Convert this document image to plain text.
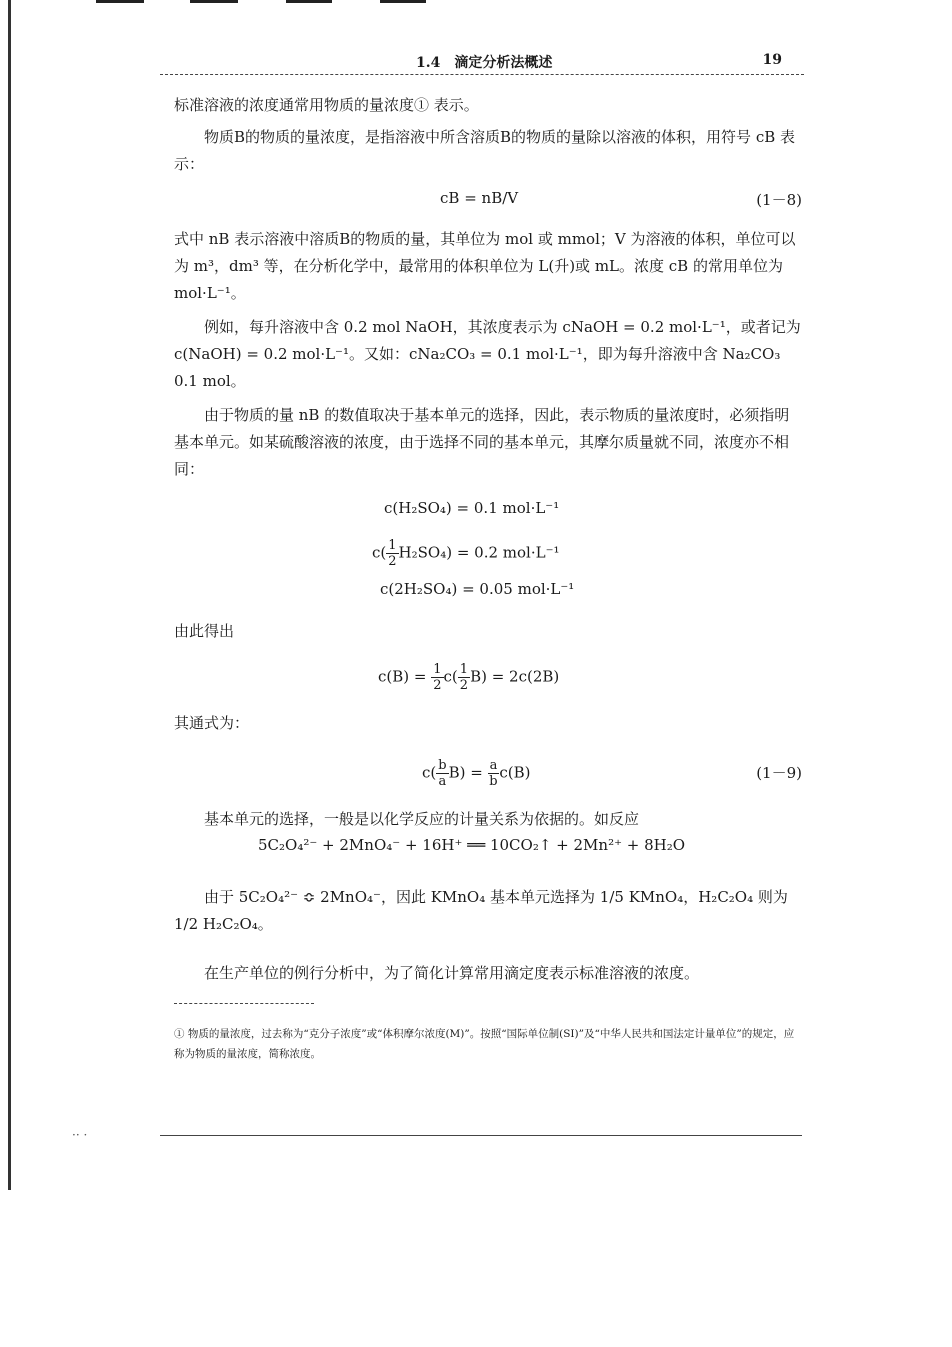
1.4　滴定分析法概述	19

标准溶液的浓度通常用物质的量浓度① 表示。

物质B的物质的量浓度，是指溶液中所含溶质B的物质的量除以溶液的体积，用符号 cB 表示：

cB = nB/V	(1－8)

式中 nB 表示溶液中溶质B的物质的量，其单位为 mol 或 mmol；V 为溶液的体积，单位可以为 m³，dm³ 等，在分析化学中，最常用的体积单位为 L(升)或 mL。浓度 cB 的常用单位为 mol·L⁻¹。

例如，每升溶液中含 0.2 mol NaOH，其浓度表示为 cNaOH = 0.2 mol·L⁻¹，或者记为 c(NaOH) = 0.2 mol·L⁻¹。又如：cNa₂CO₃ = 0.1 mol·L⁻¹，即为每升溶液中含 Na₂CO₃ 0.1 mol。

由于物质的量 nB 的数值取决于基本单元的选择，因此，表示物质的量浓度时，必须指明基本单元。如某硫酸溶液的浓度，由于选择不同的基本单元，其摩尔质量就不同，浓度亦不相同：

c(H₂SO₄) = 0.1 mol·L⁻¹
$c( \frac{1}{2} H_2SO_4) = 0.2$ mol·L⁻¹
c(2H₂SO₄) = 0.05 mol·L⁻¹

由此得出

$c(B) = \frac{1}{2} c( \frac{1}{2} B) = 2c(2B)$

其通式为：

$c( \frac{b}{a} B) = \frac{a}{b} c(B)$	(1－9)

基本单元的选择，一般是以化学反应的计量关系为依据的。如反应

5C₂O₄²⁻ + 2MnO₄⁻ + 16H⁺ ══ 10CO₂↑ + 2Mn²⁺ + 8H₂O

由于 5C₂O₄²⁻ ≎ 2MnO₄⁻，因此 KMnO₄ 基本单元选择为 1/5 KMnO₄，H₂C₂O₄ 则为 1/2 H₂C₂O₄。

在生产单位的例行分析中，为了简化计算常用滴定度表示标准溶液的浓度。

① 物质的量浓度，过去称为“克分子浓度”或“体积摩尔浓度(M)”。按照“国际单位制(SI)”及“中华人民共和国法定计量单位”的规定，应称为物质的量浓度，简称浓度。

·· ·
